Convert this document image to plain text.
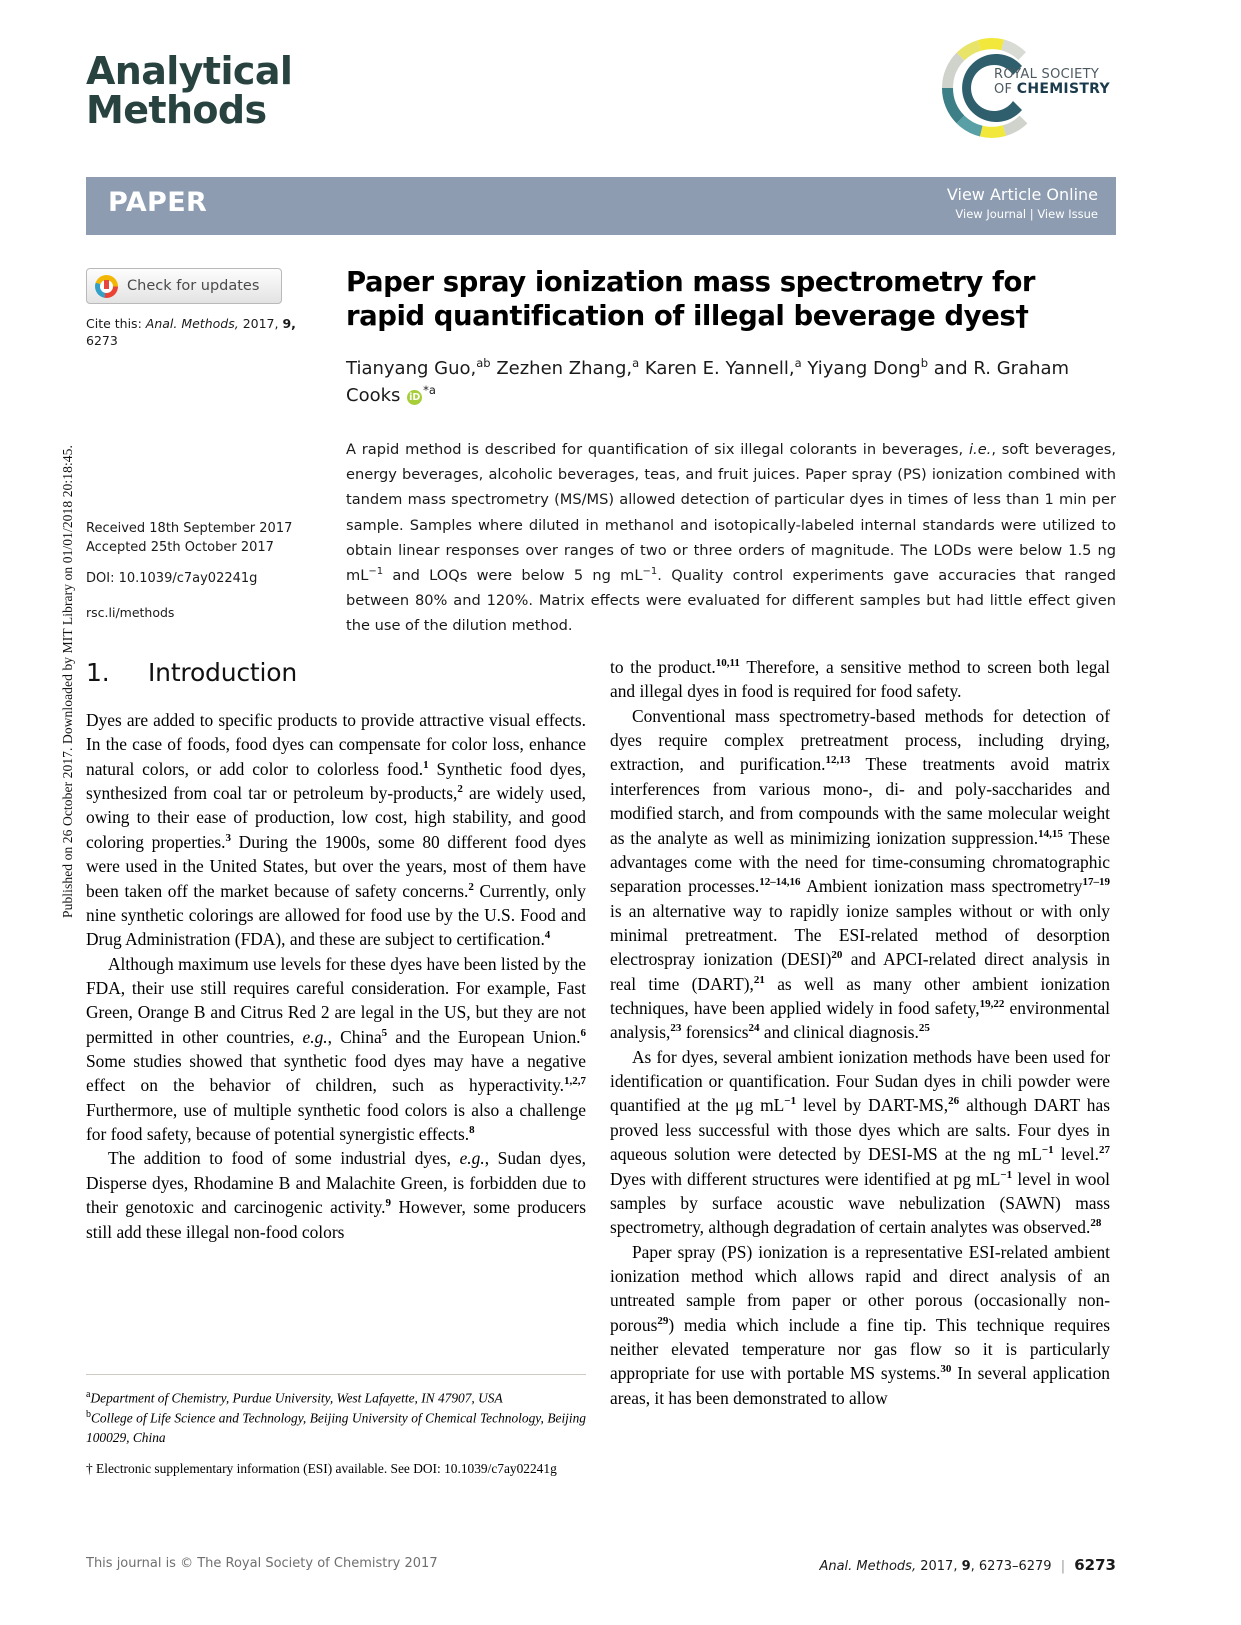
Published on 26 October 2017. Downloaded by MIT Library on 01/01/2018 20:18:45.
Analytical
Methods
ROYAL SOCIETY
OF CHEMISTRY
PAPER	View Article Online
View Journal | View Issue
Check for updates
Cite this: Anal. Methods, 2017, 9, 6273
Received 18th September 2017
Accepted 25th October 2017
DOI: 10.1039/c7ay02241g
rsc.li/methods
Paper spray ionization mass spectrometry for rapid quantification of illegal beverage dyes†
Tianyang Guo,$^{ab}$ Zezhen Zhang,$^a$ Karen E. Yannell,$^a$ Yiyang Dong$^b$ and R. Graham Cooks $iD^{*a}$
A rapid method is described for quantification of six illegal colorants in beverages, i.e., soft beverages, energy beverages, alcoholic beverages, teas, and fruit juices. Paper spray (PS) ionization combined with tandem mass spectrometry (MS/MS) allowed detection of particular dyes in times of less than 1 min per sample. Samples where diluted in methanol and isotopically-labeled internal standards were utilized to obtain linear responses over ranges of two or three orders of magnitude. The LODs were below 1.5 ng $mL^{-1}$ and LOQs were below 5 ng $mL^{-1}$. Quality control experiments gave accuracies that ranged between 80% and 120%. Matrix effects were evaluated for different samples but had little effect given the use of the dilution method.
1. Introduction

Dyes are added to specific products to provide attractive visual effects. In the case of foods, food dyes can compensate for color loss, enhance natural colors, or add color to colorless food.$^1$ Synthetic food dyes, synthesized from coal tar or petroleum by-products,$^2$ are widely used, owing to their ease of production, low cost, high stability, and good coloring properties.$^3$ During the 1900s, some 80 different food dyes were used in the United States, but over the years, most of them have been taken off the market because of safety concerns.$^2$ Currently, only nine synthetic colorings are allowed for food use by the U.S. Food and Drug Administration (FDA), and these are subject to certification.$^4$

Although maximum use levels for these dyes have been listed by the FDA, their use still requires careful consideration. For example, Fast Green, Orange B and Citrus Red 2 are legal in the US, but they are not permitted in other countries, e.g., China$^5$ and the European Union.$^6$ Some studies showed that synthetic food dyes may have a negative effect on the behavior of children, such as hyperactivity.$^{1,2,7}$ Furthermore, use of multiple synthetic food colors is also a challenge for food safety, because of potential synergistic effects.$^8$

The addition to food of some industrial dyes, e.g., Sudan dyes, Disperse dyes, Rhodamine B and Malachite Green, is forbidden due to their genotoxic and carcinogenic activity.$^9$ However, some producers still add these illegal non-food colors

to the product.$^{10,11}$ Therefore, a sensitive method to screen both legal and illegal dyes in food is required for food safety.

Conventional mass spectrometry-based methods for detection of dyes require complex pretreatment process, including drying, extraction, and purification.$^{12,13}$ These treatments avoid matrix interferences from various mono-, di- and poly-saccharides and modified starch, and from compounds with the same molecular weight as the analyte as well as minimizing ionization suppression.$^{14,15}$ These advantages come with the need for time-consuming chromatographic separation processes.$^{12-14,16}$ Ambient ionization mass spectrometry$^{17-19}$ is an alternative way to rapidly ionize samples without or with only minimal pretreatment. The ESI-related method of desorption electrospray ionization (DESI)$^{20}$ and APCI-related direct analysis in real time (DART),$^{21}$ as well as many other ambient ionization techniques, have been applied widely in food safety,$^{19,22}$ environmental analysis,$^{23}$ forensics$^{24}$ and clinical diagnosis.$^{25}$

As for dyes, several ambient ionization methods have been used for identification or quantification. Four Sudan dyes in chili powder were quantified at the μg $mL^{-1}$ level by DART-MS,$^{26}$ although DART has proved less successful with those dyes which are salts. Four dyes in aqueous solution were detected by DESI-MS at the ng $mL^{-1}$ level.$^{27}$ Dyes with different structures were identified at pg $mL^{-1}$ level in wool samples by surface acoustic wave nebulization (SAWN) mass spectrometry, although degradation of certain analytes was observed.$^{28}$

Paper spray (PS) ionization is a representative ESI-related ambient ionization method which allows rapid and direct analysis of an untreated sample from paper or other porous (occasionally non-porous$^{29}$) media which include a fine tip. This technique requires neither elevated temperature nor gas flow so it is particularly appropriate for use with portable MS systems.$^{30}$ In several application areas, it has been demonstrated to allow

$^a$Department of Chemistry, Purdue University, West Lafayette, IN 47907, USA
$^b$College of Life Science and Technology, Beijing University of Chemical Technology, Beijing 100029, China
† Electronic supplementary information (ESI) available. See DOI: 10.1039/c7ay02241g
This journal is © The Royal Society of Chemistry 2017	Anal. Methods, 2017, 9, 6273–6279 | 6273
